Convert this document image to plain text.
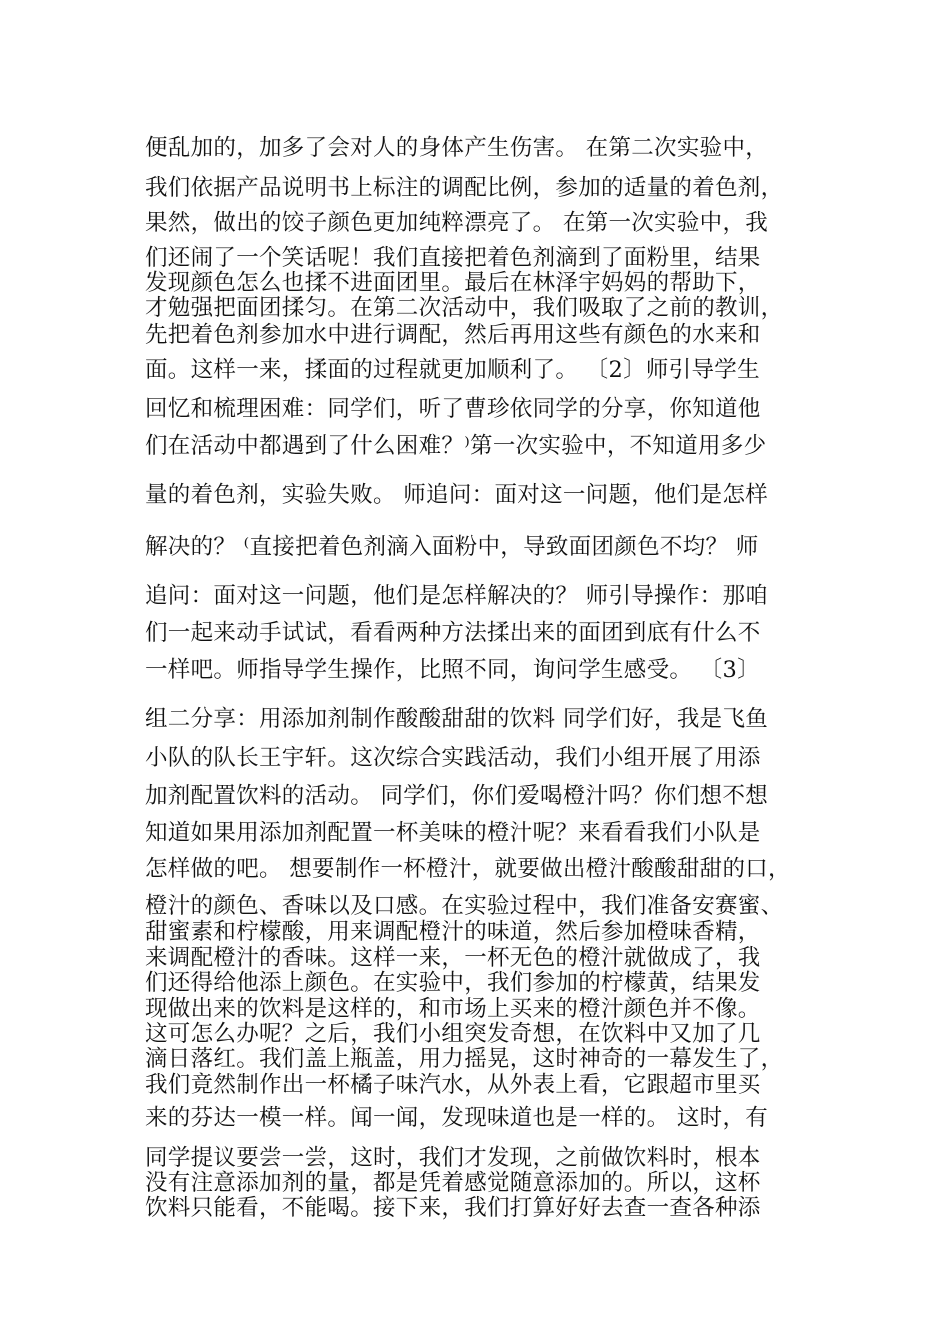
便乱加的，加多了会对人的身体产生伤害。 在第二次实验中，
我们依据产品说明书上标注的调配比例，参加的适量的着色剂，
果然，做出的饺子颜色更加纯粹漂亮了。 在第一次实验中，我
们还闹了一个笑话呢！我们直接把着色剂滴到了面粉里，结果
发现颜色怎么也揉不进面团里。最后在林泽宇妈妈的帮助下，
才勉强把面团揉匀。在第二次活动中，我们吸取了之前的教训，
先把着色剂参加水中进行调配，然后再用这些有颜色的水来和
面。这样一来，揉面的过程就更加顺利了。 〔2〕师引导学生
回忆和梳理困难：同学们，听了曹珍依同学的分享，你知道他
们在活动中都遇到了什么困难？⁾第一次实验中，不知道用多少
量的着色剂，实验失败。 师追问：面对这一问题，他们是怎样
解决的？ ⁽直接把着色剂滴入面粉中，导致面团颜色不均？ 师
追问：面对这一问题，他们是怎样解决的？ 师引导操作：那咱
们一起来动手试试，看看两种方法揉出来的面团到底有什么不
一样吧。师指导学生操作，比照不同，询问学生感受。 〔3〕
组二分享：用添加剂制作酸酸甜甜的饮料 同学们好，我是飞鱼
小队的队长王宇轩。这次综合实践活动，我们小组开展了用添
加剂配置饮料的活动。 同学们，你们爱喝橙汁吗？你们想不想
知道如果用添加剂配置一杯美味的橙汁呢？来看看我们小队是
怎样做的吧。 想要制作一杯橙汁，就要做出橙汁酸酸甜甜的口，
橙汁的颜色、香味以及口感。在实验过程中，我们准备安赛蜜、
甜蜜素和柠檬酸，用来调配橙汁的味道，然后参加橙味香精，
来调配橙汁的香味。这样一来，一杯无色的橙汁就做成了，我
们还得给他添上颜色。在实验中，我们参加的柠檬黄，结果发
现做出来的饮料是这样的，和市场上买来的橙汁颜色并不像。
这可怎么办呢？之后，我们小组突发奇想，在饮料中又加了几
滴日落红。我们盖上瓶盖，用力摇晃，这时神奇的一幕发生了，
我们竟然制作出一杯橘子味汽水，从外表上看，它跟超市里买
来的芬达一模一样。闻一闻，发现味道也是一样的。 这时，有
同学提议要尝一尝，这时，我们才发现，之前做饮料时，根本
没有注意添加剂的量，都是凭着感觉随意添加的。所以，这杯
饮料只能看，不能喝。接下来，我们打算好好去查一查各种添
